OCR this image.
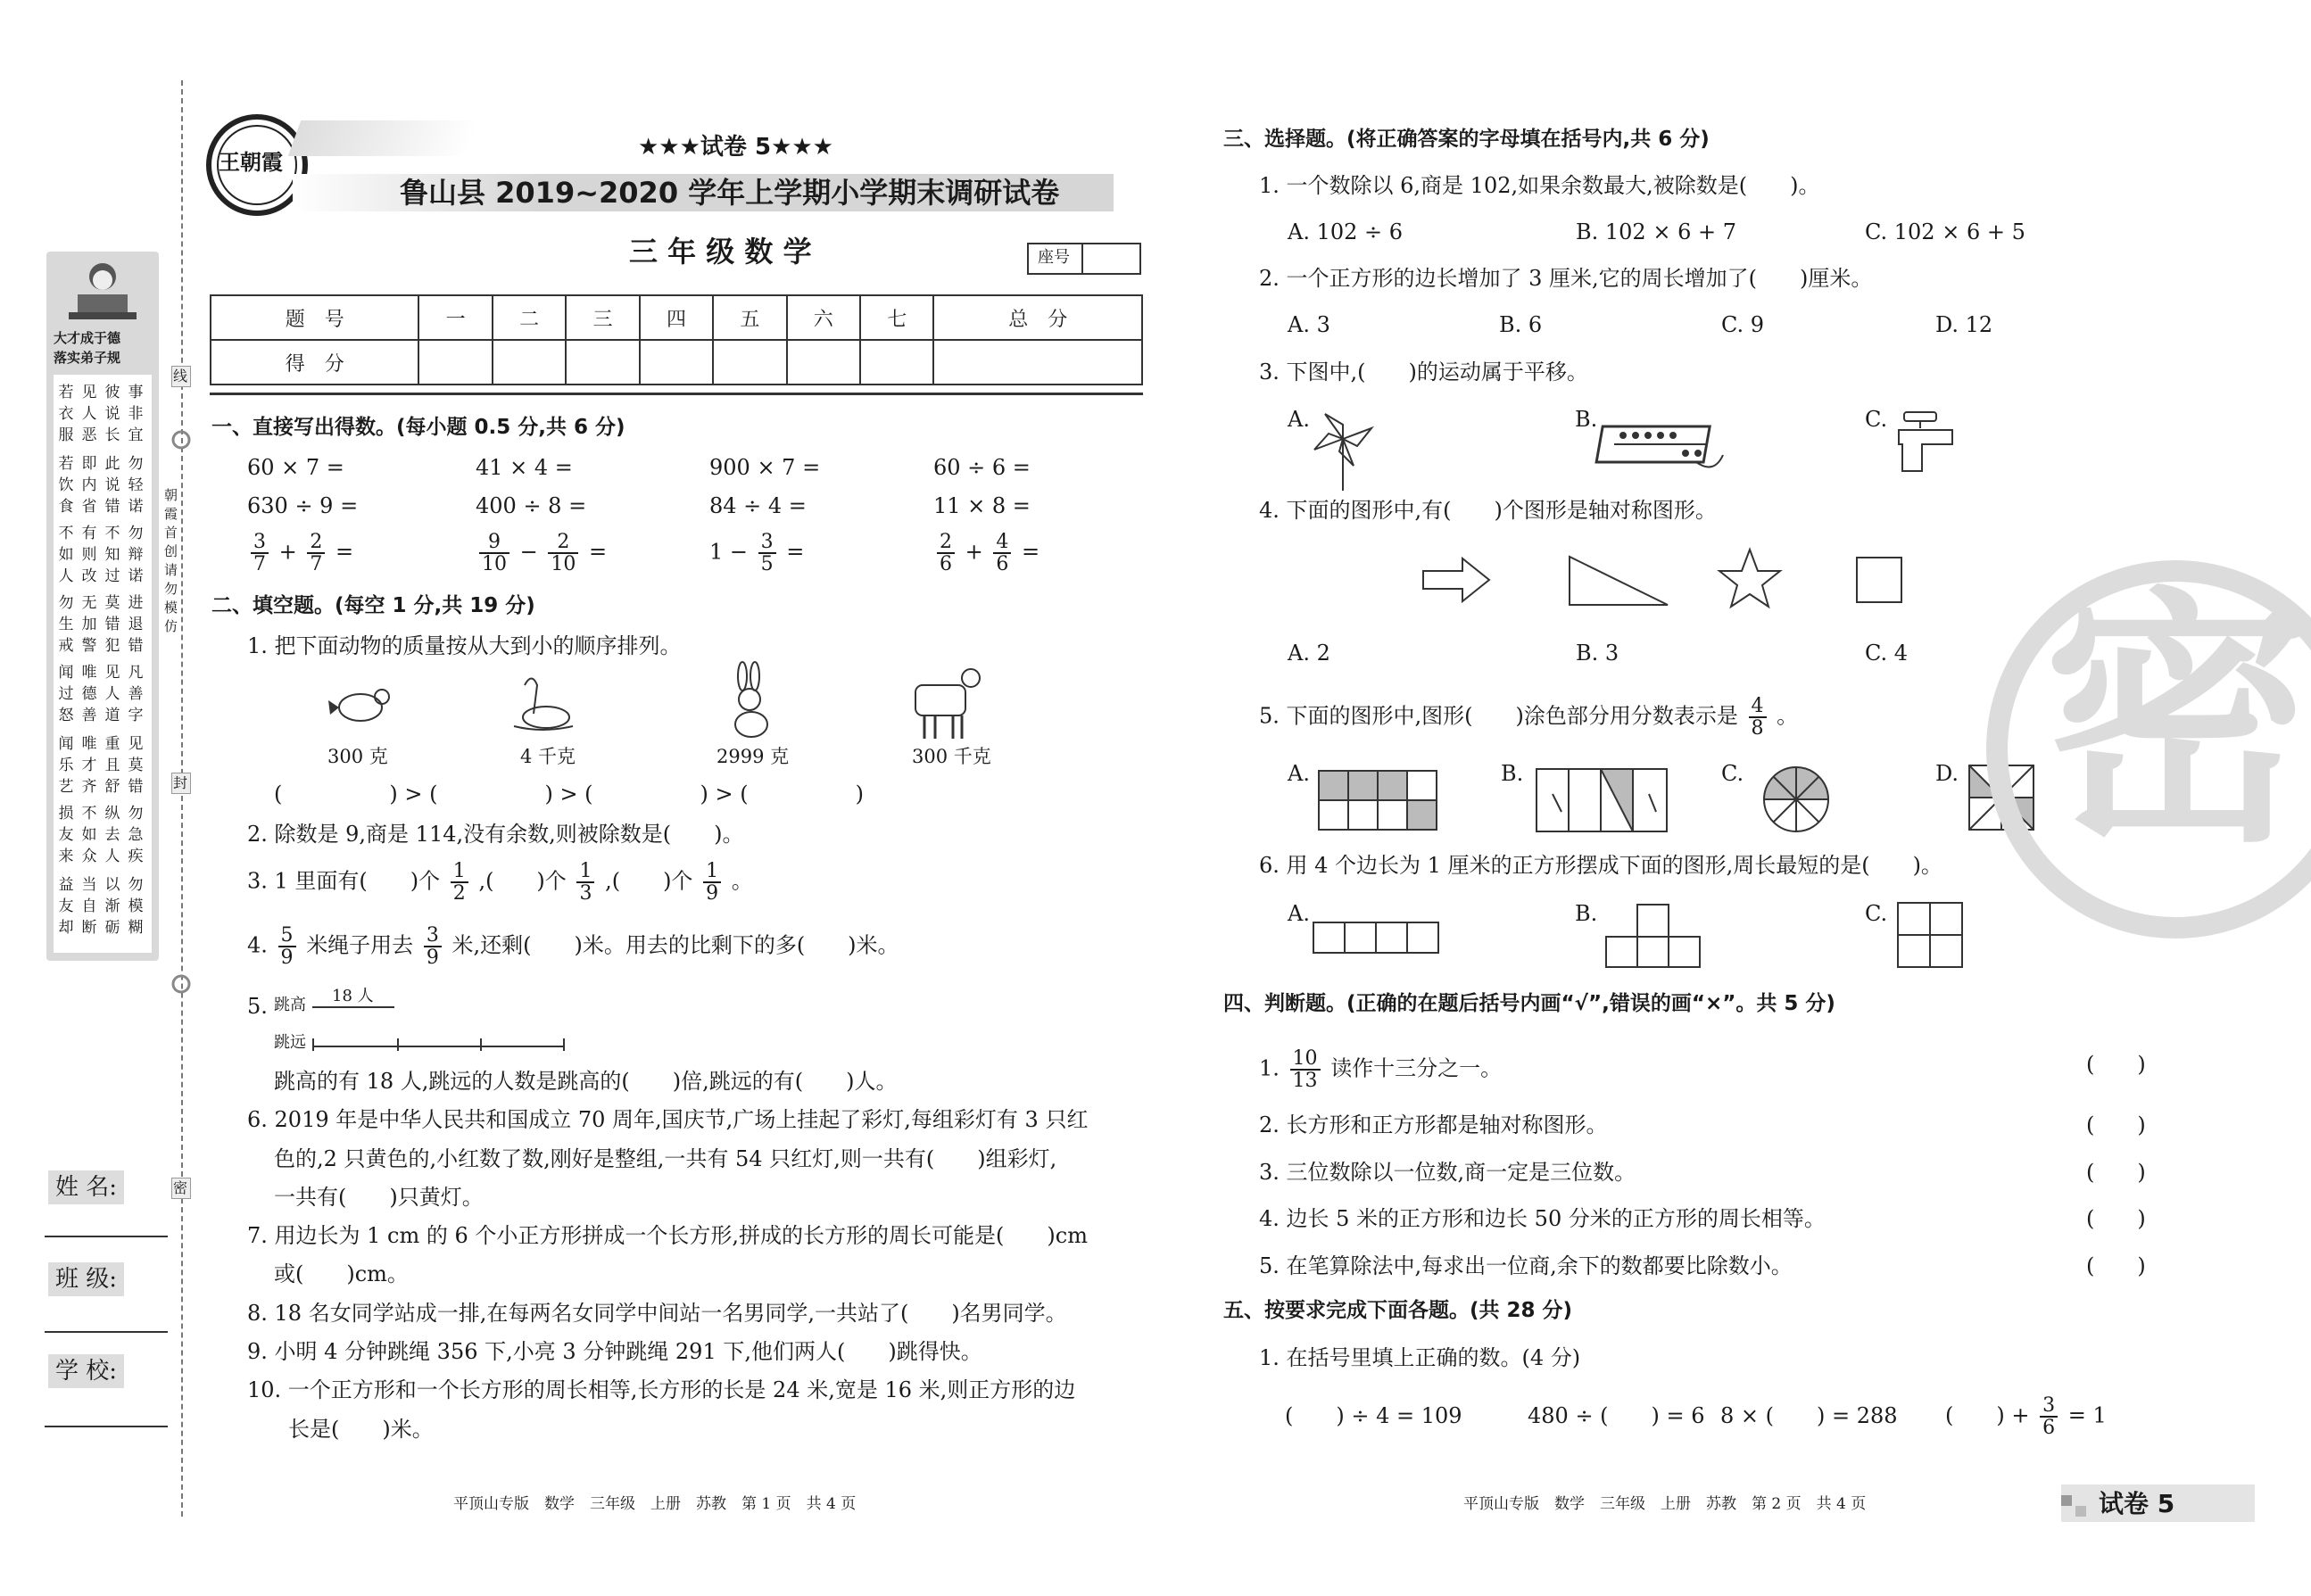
大才成于德
落实弟子规
若衣服
见人恶
彼说长
事非宜
若饮食
即内省
此说错
勿轻诺
不如人
有则改
不知过
勿辩诺
勿生戒
无加警
莫错犯
进退错
闻过怒
唯德善
见人道
凡善字
闻乐艺
唯才齐
重且舒
见莫错
损友来
不如众
纵去人
勿急疾
益友却
当自断
以渐砺
勿模糊
线
朝霞首创 请勿模仿
封
密
姓 名:
班 级:
学 校:
王朝霞
★★★试卷 5★★★
鲁山县 2019~2020 学年上学期小学期末调研试卷
三 年 级 数 学	座号
题　号	一	二	三	四	五	六	七	总　分
得　分								
一、直接写出得数。(每小题 0.5 分,共 6 分)
60 × 7 =	41 × 4 =	900 × 7 =	60 ÷ 6 =
630 ÷ 9 =	400 ÷ 8 =	84 ÷ 4 =	11 × 8 =
$\frac{3}{7} + \frac{2}{7}$ =	$\frac{9}{10} - \frac{2}{10}$ =	$1 - \frac{3}{5}$ =	$\frac{2}{6} + \frac{4}{6}$ =
二、填空题。(每空 1 分,共 19 分)
1. 把下面动物的质量按从大到小的顺序排列。
300 克	4 千克	2999 克	300 千克
(　　　　　) > (　　　　　) > (　　　　　) > (　　　　　)
2. 除数是 9,商是 114,没有余数,则被除数是(　　)。
3. 1 里面有(　　)个 $\frac{1}{2}$ ,(　　)个 $\frac{1}{3}$ ,(　　)个 $\frac{1}{9}$ 。
4. $\frac{5}{9}$ 米绳子用去 $\frac{3}{9}$ 米,还剩(　　)米。用去的比剩下的多(　　)米。
5. 跳高 18 人
跳远
跳高的有 18 人,跳远的人数是跳高的(　　)倍,跳远的有(　　)人。
6. 2019 年是中华人民共和国成立 70 周年,国庆节,广场上挂起了彩灯,每组彩灯有 3 只红
色的,2 只黄色的,小红数了数,刚好是整组,一共有 54 只红灯,则一共有(　　)组彩灯,
一共有(　　)只黄灯。
7. 用边长为 1 cm 的 6 个小正方形拼成一个长方形,拼成的长方形的周长可能是(　　)cm
或(　　)cm。
8. 18 名女同学站成一排,在每两名女同学中间站一名男同学,一共站了(　　)名男同学。
9. 小明 4 分钟跳绳 356 下,小亮 3 分钟跳绳 291 下,他们两人(　　)跳得快。
10. 一个正方形和一个长方形的周长相等,长方形的长是 24 米,宽是 16 米,则正方形的边
长是(　　)米。
平顶山专版　数学　三年级　上册　苏教　第 1 页　共 4 页
三、选择题。(将正确答案的字母填在括号内,共 6 分)
1. 一个数除以 6,商是 102,如果余数最大,被除数是(　　)。
A. 102 ÷ 6	B. 102 × 6 + 7	C. 102 × 6 + 5
2. 一个正方形的边长增加了 3 厘米,它的周长增加了(　　)厘米。
A. 3	B. 6	C. 9	D. 12
3. 下图中,(　　)的运动属于平移。
A.	B.	C.
4. 下面的图形中,有(　　)个图形是轴对称图形。
A. 2	B. 3	C. 4
5. 下面的图形中,图形(　　)涂色部分用分数表示是 $\frac{4}{8}$ 。
A.	B.	C.	D.
6. 用 4 个边长为 1 厘米的正方形摆成下面的图形,周长最短的是(　　)。
A.	B.	C.
四、判断题。(正确的在题后括号内画“√”,错误的画“×”。共 5 分)
1. $\frac{10}{13}$ 读作十三分之一。	(　　)
2. 长方形和正方形都是轴对称图形。	(　　)
3. 三位数除以一位数,商一定是三位数。	(　　)
4. 边长 5 米的正方形和边长 50 分米的正方形的周长相等。	(　　)
5. 在笔算除法中,每求出一位商,余下的数都要比除数小。	(　　)
五、按要求完成下面各题。(共 28 分)
1. 在括号里填上正确的数。(4 分)
(　　) ÷ 4 = 109	480 ÷ (　　) = 6 8 × (　　) = 288 (　　) + $\frac{3}{6} = 1$
密
平顶山专版　数学　三年级　上册　苏教　第 2 页　共 4 页	试卷 5
